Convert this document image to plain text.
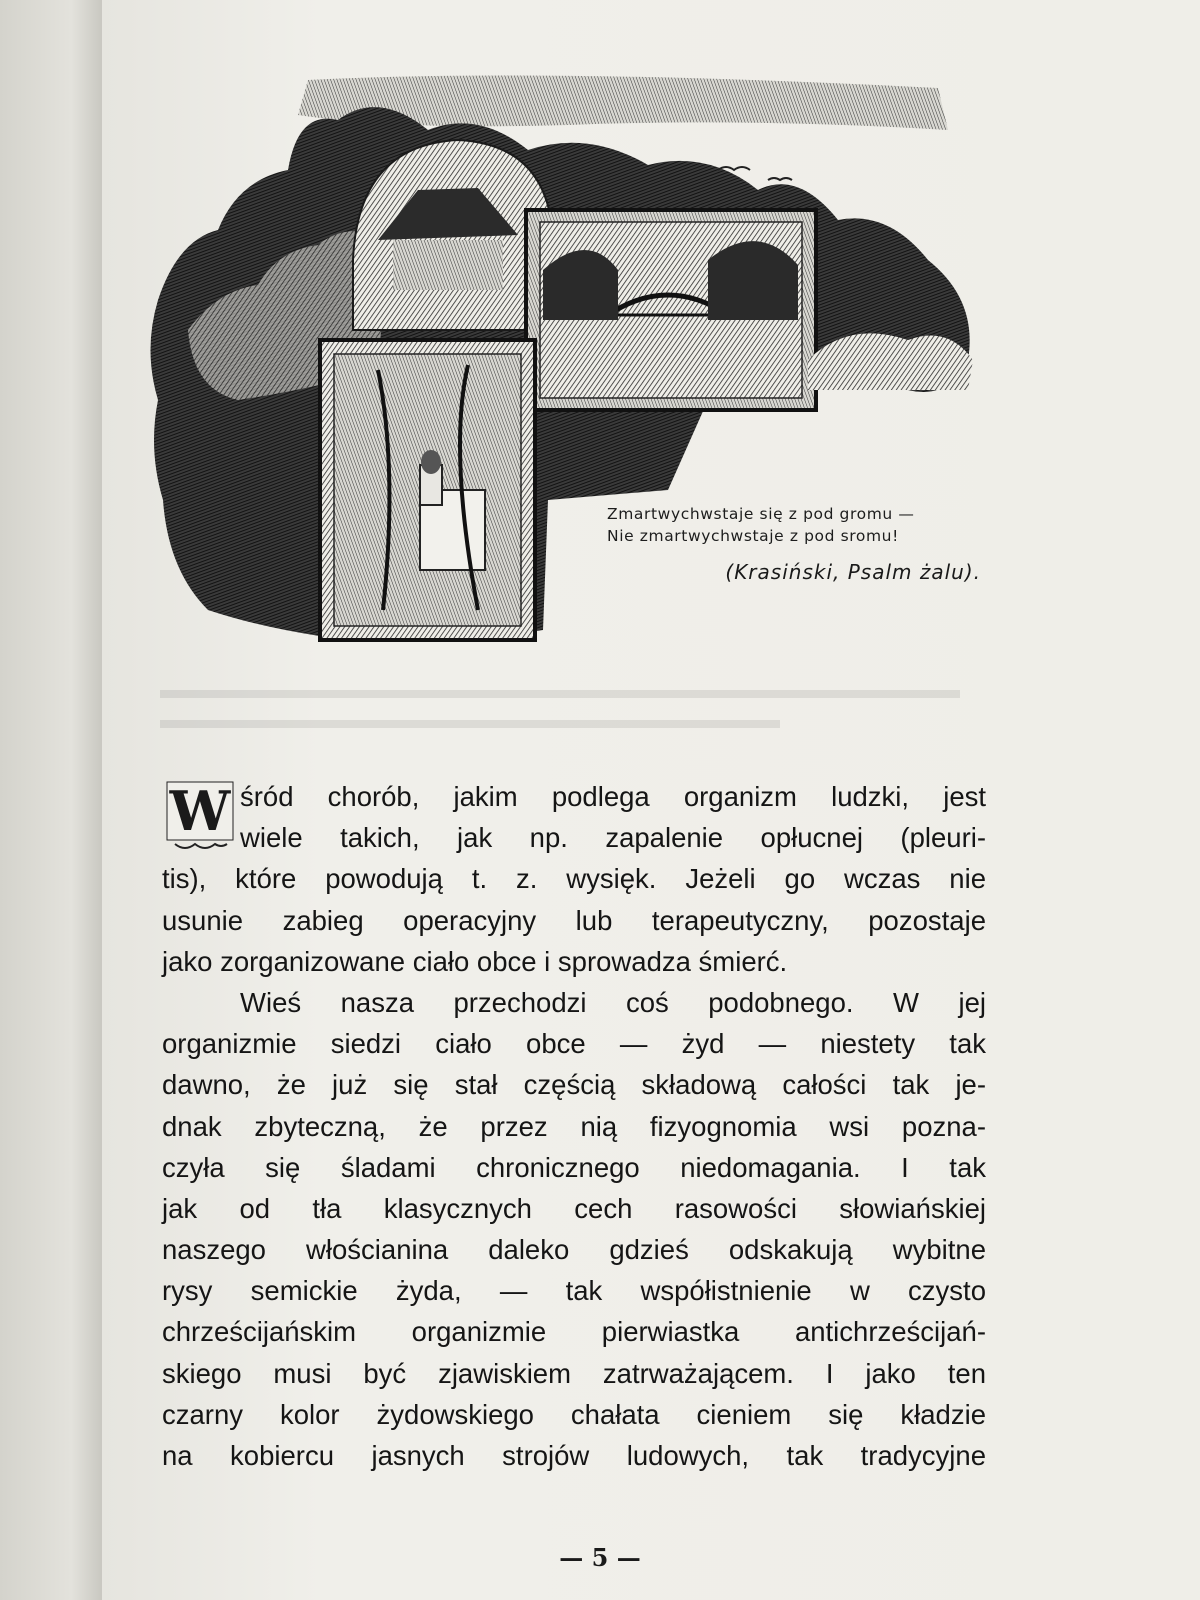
Zmartwychwstaje się z pod gromu —
Nie zmartwychwstaje z pod sromu!
(Krasiński, Psalm żalu).
W śród chorób, jakim podlega organizm ludzki, jest
wiele takich, jak np. zapalenie opłucnej (pleuri-
tis), które powodują t. z. wysięk. Jeżeli go wczas nie
usunie zabieg operacyjny lub terapeutyczny, pozostaje
jako zorganizowane ciało obce i sprowadza śmierć.
Wieś nasza przechodzi coś podobnego. W jej
organizmie siedzi ciało obce — żyd — niestety tak
dawno, że już się stał częścią składową całości tak je-
dnak zbyteczną, że przez nią fizyognomia wsi pozna-
czyła się śladami chronicznego niedomagania. I tak
jak od tła klasycznych cech rasowości słowiańskiej
naszego włościanina daleko gdzieś odskakują wybitne
rysy semickie żyda, — tak współistnienie w czysto
chrześcijańskim organizmie pierwiastka antichrześcijań-
skiego musi być zjawiskiem zatrważającem. I jako ten
czarny kolor żydowskiego chałata cieniem się kładzie
na kobiercu jasnych strojów ludowych, tak tradycyjne
— 5 —
